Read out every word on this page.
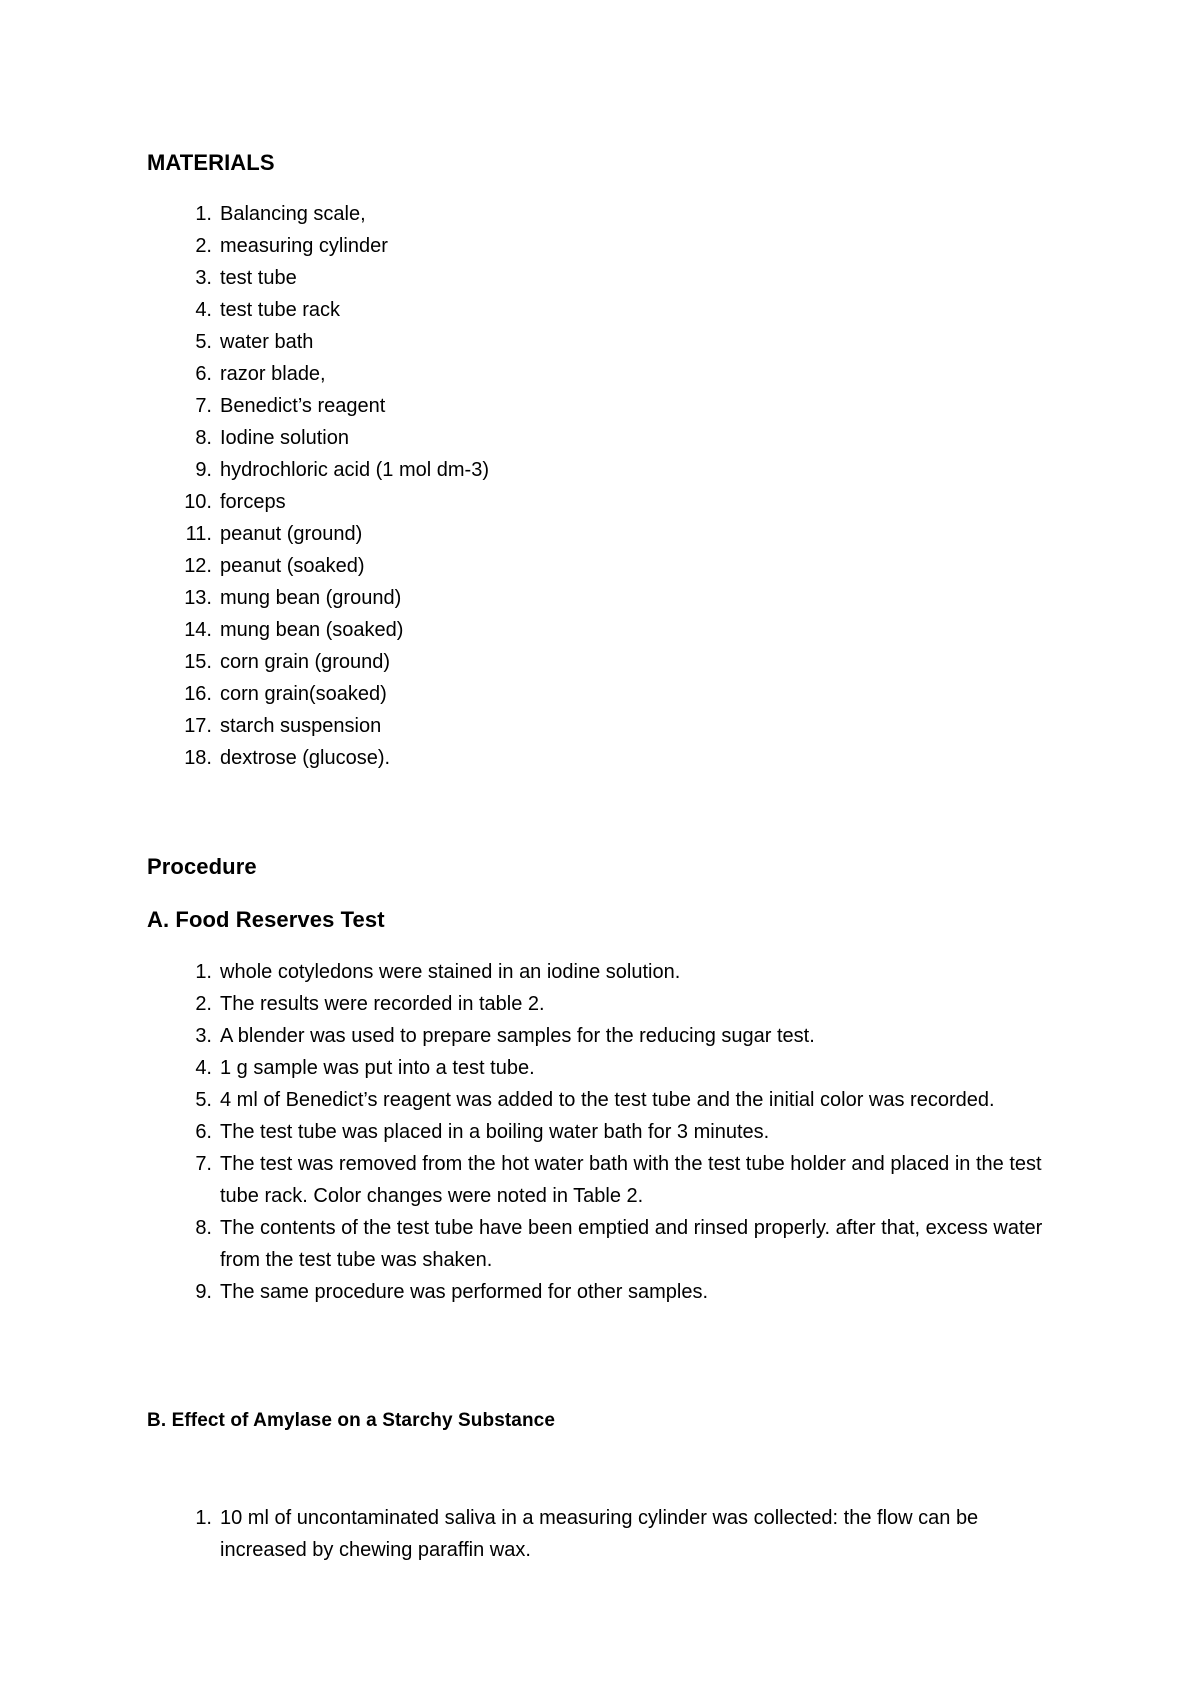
MATERIALS
1. Balancing scale,
2. measuring cylinder
3. test tube
4. test tube rack
5. water bath
6. razor blade,
7. Benedict’s reagent
8. Iodine solution
9. hydrochloric acid (1 mol dm-3)
10. forceps
11. peanut (ground)
12. peanut (soaked)
13. mung bean (ground)
14. mung bean (soaked)
15. corn grain (ground)
16. corn grain(soaked)
17. starch suspension
18. dextrose (glucose).
Procedure
A. Food Reserves Test
1. whole cotyledons were stained in an iodine solution.
2. The results were recorded in table 2.
3. A blender was used to prepare samples for the reducing sugar test.
4. 1 g sample was put into a test tube.
5. 4 ml of Benedict’s reagent was added to the test tube and the initial color was recorded.
6. The test tube was placed in a boiling water bath for 3 minutes.
7. The test was removed from the hot water bath with the test tube holder and placed in the test tube rack. Color changes were noted in Table 2.
8. The contents of the test tube have been emptied and rinsed properly. after that, excess water from the test tube was shaken.
9. The same procedure was performed for other samples.
B. Effect of Amylase on a Starchy Substance
1. 10 ml of uncontaminated saliva in a measuring cylinder was collected: the flow can be increased by chewing paraffin wax.
